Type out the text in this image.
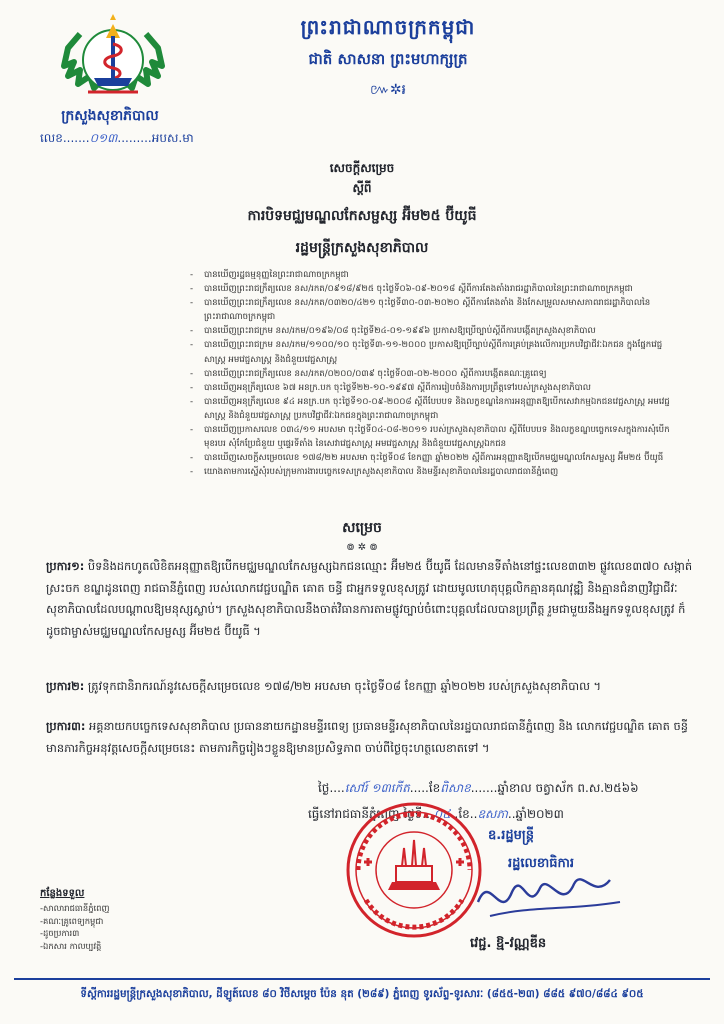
ព្រះរាជាណាចក្រកម្ពុជា
ជាតិ សាសនា ព្រះមហាក្សត្រ
៚✲៛
ក្រសួងសុខាភិបាល
លេខ.......០១៣.........អបស.មា
សេចក្តីសម្រេច
ស្តីពី
ការបិទមជ្ឈមណ្ឌលកែសម្ផស្ស អ៊ីម២៥ ប៊ីយូធី
រដ្ឋមន្ត្រីក្រសួងសុខាភិបាល
- បានឃើញរដ្ឋធម្មនុញ្ញនៃព្រះរាជាណាចក្រកម្ពុជា
- បានឃើញព្រះរាជក្រឹត្យលេខ នស/រកត/០៩១៨/៩២៥ ចុះថ្ងៃទី០៦-០៩-២០១៨ ស្តីពីការតែងតាំងរាជរដ្ឋាភិបាលនៃព្រះរាជាណាចក្រកម្ពុជា
- បានឃើញព្រះរាជក្រឹត្យលេខ នស/រកត/០៣២០/៤២១ ចុះថ្ងៃទី៣០-០៣-២០២០ ស្តីពីការតែងតាំង និងកែសម្រួលសមាសភាពរាជរដ្ឋាភិបាលនៃព្រះរាជាណាចក្រកម្ពុជា
- បានឃើញព្រះរាជក្រម នស/រកម/០១៩៦/០៨ ចុះថ្ងៃទី២៤-០១-១៩៩៦ ប្រកាសឱ្យប្រើច្បាប់ស្តីពីការបង្កើតក្រសួងសុខាភិបាល
- បានឃើញព្រះរាជក្រម នស/រកម/១១០០/១០ ចុះថ្ងៃទី៣-១១-២០០០ ប្រកាសឱ្យប្រើច្បាប់ស្តីពីការគ្រប់គ្រងលើការប្រកបវិជ្ជាជីវៈឯកជន ក្នុងផ្នែកវេជ្ជសាស្ត្រ អមវេជ្ជសាស្ត្រ និងជំនួយវេជ្ជសាស្ត្រ
- បានឃើញព្រះរាជក្រឹត្យលេខ នស/រកត/០២០០/០៣៩ ចុះថ្ងៃទី០៣-០២-២០០០ ស្តីពីការបង្កើតគណៈគ្រូពេទ្យ
- បានឃើញអនុក្រឹត្យលេខ ៦៧ អនក្រ.បក ចុះថ្ងៃទី២២-១០-១៩៩៧ ស្តីពីការរៀបចំនិងការប្រព្រឹត្តទៅរបស់ក្រសួងសុខាភិបាល
- បានឃើញអនុក្រឹត្យលេខ ៩៤ អនក្រ.បក ចុះថ្ងៃទី១០-០៩-២០០៨ ស្តីពីបែបបទ និងលក្ខខណ្ឌនៃការអនុញ្ញាតឱ្យបើកសេវាកម្មឯកជនវេជ្ជសាស្ត្រ អមវេជ្ជសាស្ត្រ និងជំនួយវេជ្ជសាស្ត្រ ប្រកបវិជ្ជាជីវៈឯកជនក្នុងព្រះរាជាណាចក្រកម្ពុជា
- បានឃើញប្រកាសលេខ ០៣៤/១១ អបសមា ចុះថ្ងៃទី០៤-០៨-២០១១ របស់ក្រសួងសុខាភិបាល ស្តីពីបែបបទ និងលក្ខខណ្ឌបច្ចេកទេសក្នុងការសុំបើកមុខរបរ សុំកែប្រែជំនួយ ឬផ្ទេរទីតាំង នៃសេវាវេជ្ជសាស្ត្រ អមវេជ្ជសាស្ត្រ និងជំនួយវេជ្ជសាស្ត្រឯកជន
- បានឃើញសេចក្តីសម្រេចលេខ ១៧៨/២២ អបសមា ចុះថ្ងៃទី០៨ ខែកញ្ញា ឆ្នាំ២០២២ ស្តីពីការអនុញ្ញាតឱ្យបើកមជ្ឈមណ្ឌលកែសម្ផស្ស អ៊ីម២៥ ប៊ីយូធី
- យោងតាមការស្នើសុំរបស់ក្រុមការងារបច្ចេកទេសក្រសួងសុខាភិបាល និងមន្ទីរសុខាភិបាលនៃរដ្ឋបាលរាជធានីភ្នំពេញ
សម្រេច
៙ ✲ ៙
ប្រការ១: បិទនិងដកហូតលិខិតអនុញ្ញាតឱ្យបើកមជ្ឈមណ្ឌលកែសម្ផស្សឯកជនឈ្មោះ អ៊ីម២៥ ប៊ីយូធី ដែលមានទីតាំងនៅផ្ទះលេខ៣៣២ ផ្លូវលេខ៣៧០ សង្កាត់ស្រះចក ខណ្ឌដូនពេញ រាជធានីភ្នំពេញ របស់លោកវេជ្ជបណ្ឌិត គោត ចន្ធី ជាអ្នកទទួលខុសត្រូវ ដោយមូលហេតុបុគ្គលិកគ្មានគុណវុឌ្ឍិ និងគ្មានជំនាញវិជ្ជាជីវៈសុខាភិបាលដែលបណ្តាលឱ្យមនុស្សស្លាប់។ ក្រសួងសុខាភិបាលនឹងចាត់វិធានការតាមផ្លូវច្បាប់ចំពោះបុគ្គលដែលបានប្រព្រឹត្ត រួមជាមួយនឹងអ្នកទទួលខុសត្រូវ ក៏ដូចជាម្ចាស់មជ្ឈមណ្ឌលកែសម្ផស្ស អ៊ីម២៥ ប៊ីយូធី ។
ប្រការ២: ត្រូវទុកជានិរាករណ៍នូវសេចក្តីសម្រេចលេខ ១៧៨/២២ អបសមា ចុះថ្ងៃទី០៨ ខែកញ្ញា ឆ្នាំ២០២២ របស់ក្រសួងសុខាភិបាល ។
ប្រការ៣: អគ្គនាយកបច្ចេកទេសសុខាភិបាល ប្រធាននាយកដ្ឋានមន្ទីរពេទ្យ ប្រធានមន្ទីរសុខាភិបាលនៃរដ្ឋបាលរាជធានីភ្នំពេញ និង លោកវេជ្ជបណ្ឌិត គោត ចន្ធី មានភារកិច្ចអនុវត្តសេចក្តីសម្រេចនេះ តាមភារកិច្ចរៀងៗខ្លួនឱ្យមានប្រសិទ្ធភាព ចាប់ពីថ្ងៃចុះហត្ថលេខាតទៅ ។
ថ្ងៃ....សៅរ៍ ១៣កើត.....ខែពិសាខ.......ឆ្នាំខាល ចត្វាស័ក ព.ស.២៥៦៦
ធ្វើនៅរាជធានីភ្នំពេញ ថ្ងៃទី...០៤..ខែ..ឧសភា..ឆ្នាំ២០២៣
ឧ.រដ្ឋមន្ត្រី
រដ្ឋលេខាធិការ
វេជ្ជ. ឱ្ម-វណ្ណឌីន
កន្លែងទទួល
-សាលារាជធានីភ្នំពេញ
-គណៈគ្រូពេទ្យកម្ពុជា
-ដូចប្រការ៣
-ឯកសារ កាលប្បវត្តិ
ទីស្តីការរដ្ឋមន្ត្រីក្រសួងសុខាភិបាល, ដីឡូត៍លេខ ៨០ វិថីសម្តេច ប៉ែន នុត (២៨៩) ភ្នំពេញ ទូរស័ព្ទ-ទូរសារៈ (៨៥៥-២៣) ៨៨៥ ៩៧០/៨៨៤ ៩០៥
